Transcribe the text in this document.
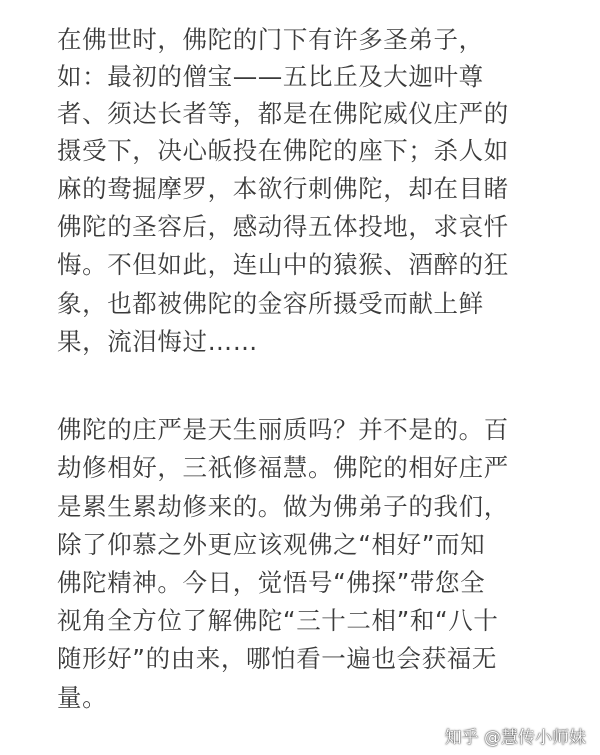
在佛世时，佛陀的门下有许多圣弟子，
如：最初的僧宝——五比丘及大迦叶尊
者、须达长者等，都是在佛陀威仪庄严的
摄受下，决心皈投在佛陀的座下；杀人如
麻的鸯掘摩罗，本欲行刺佛陀，却在目睹
佛陀的圣容后，感动得五体投地，求哀忏
悔。不但如此，连山中的猿猴、酒醉的狂
象，也都被佛陀的金容所摄受而献上鲜
果，流泪悔过……
佛陀的庄严是天生丽质吗？并不是的。百
劫修相好，三祇修福慧。佛陀的相好庄严
是累生累劫修来的。做为佛弟子的我们，
除了仰慕之外更应该观佛之“相好”而知
佛陀精神。今日，觉悟号“佛探”带您全
视角全方位了解佛陀“三十二相”和“八十
随形好”的由来，哪怕看一遍也会获福无
量。
知乎 @慧传小师妹
